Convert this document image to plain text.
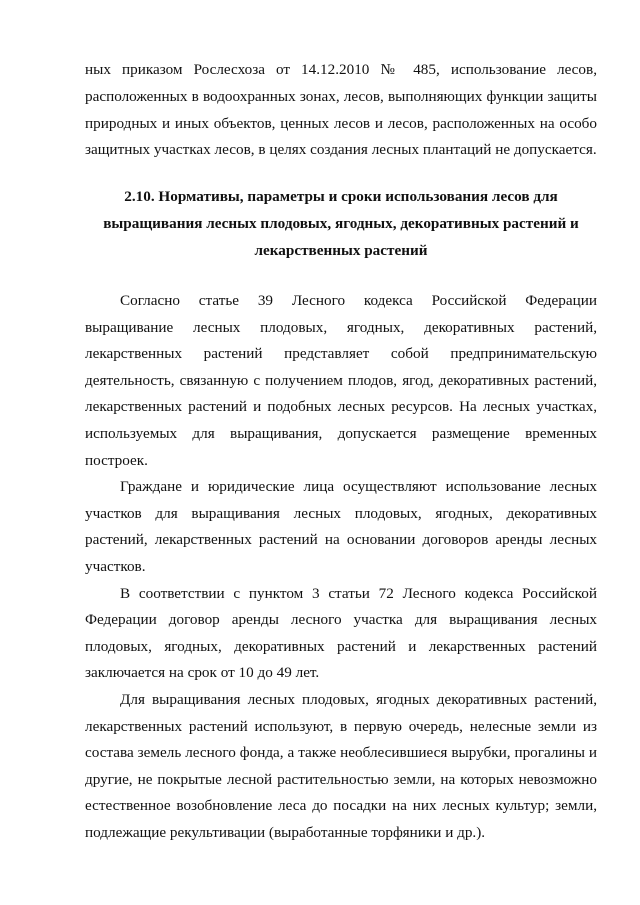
ных приказом Рослесхоза от 14.12.2010 № 485, использование лесов, расположенных в водоохранных зонах, лесов, выполняющих функции защиты природных и иных объектов, ценных лесов и лесов, расположенных на особо защитных участках лесов, в целях создания лесных плантаций не допускается.

2.10. Нормативы, параметры и сроки использования лесов для выращивания лесных плодовых, ягодных, декоративных растений и лекарственных растений

Согласно статье 39 Лесного кодекса Российской Федерации выращивание лесных плодовых, ягодных, декоративных растений, лекарственных растений представляет собой предпринимательскую деятельность, связанную с получением плодов, ягод, декоративных растений, лекарственных растений и подобных лесных ресурсов. На лесных участках, используемых для выращивания, допускается размещение временных построек.

Граждане и юридические лица осуществляют использование лесных участков для выращивания лесных плодовых, ягодных, декоративных растений, лекарственных растений на основании договоров аренды лесных участков.

В соответствии с пунктом 3 статьи 72 Лесного кодекса Российской Федерации договор аренды лесного участка для выращивания лесных плодовых, ягодных, декоративных растений и лекарственных растений заключается на срок от 10 до 49 лет.

Для выращивания лесных плодовых, ягодных декоративных растений, лекарственных растений используют, в первую очередь, нелесные земли из состава земель лесного фонда, а также необлесившиеся вырубки, прогалины и другие, не покрытые лесной растительностью земли, на которых невозможно естественное возобновление леса до посадки на них лесных культур; земли, подлежащие рекультивации (выработанные торфяники и др.).
